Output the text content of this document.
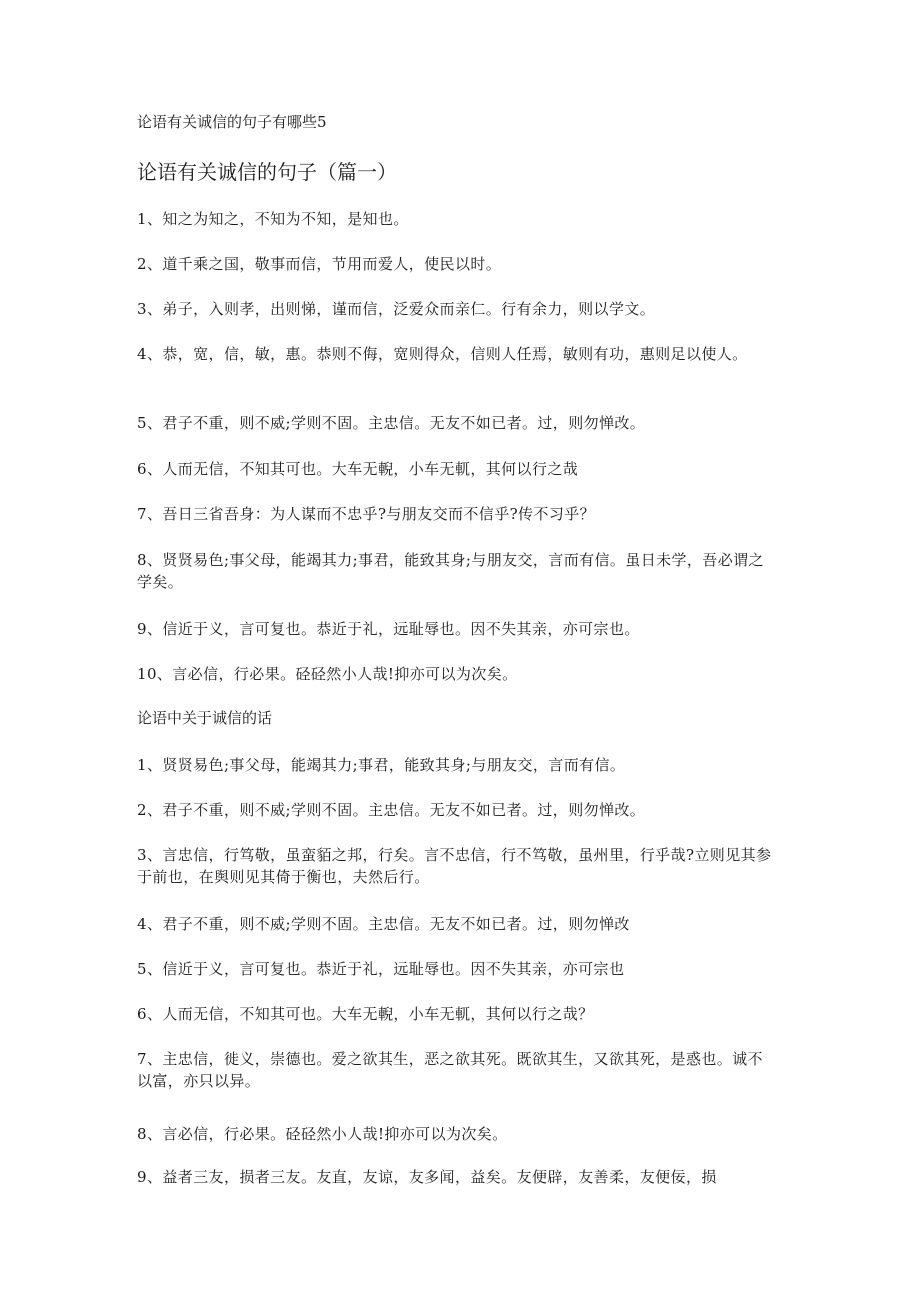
论语有关诚信的句子有哪些5
论语有关诚信的句子（篇一）
1、知之为知之，不知为不知，是知也。
2、道千乘之国，敬事而信，节用而爱人，使民以时。
3、弟子，入则孝，出则悌，谨而信，泛爱众而亲仁。行有余力，则以学文。
4、恭，宽，信，敏，惠。恭则不侮，宽则得众，信则人任焉，敏则有功，惠则足以使人。
5、君子不重，则不威;学则不固。主忠信。无友不如已者。过，则勿惮改。
6、人而无信，不知其可也。大车无輗，小车无軏，其何以行之哉
7、吾日三省吾身：为人谋而不忠乎?与朋友交而不信乎?传不习乎？
8、贤贤易色;事父母，能竭其力;事君，能致其身;与朋友交，言而有信。虽日未学，吾必谓之学矣。
9、信近于义，言可复也。恭近于礼，远耻辱也。因不失其亲，亦可宗也。
10、言必信，行必果。硁硁然小人哉!抑亦可以为次矣。
论语中关于诚信的话
1、贤贤易色;事父母，能竭其力;事君，能致其身;与朋友交，言而有信。
2、君子不重，则不威;学则不固。主忠信。无友不如已者。过，则勿惮改。
3、言忠信，行笃敬，虽蛮貊之邦，行矣。言不忠信，行不笃敬，虽州里，行乎哉?立则见其参于前也，在舆则见其倚于衡也，夫然后行。
4、君子不重，则不威;学则不固。主忠信。无友不如已者。过，则勿惮改
5、信近于义，言可复也。恭近于礼，远耻辱也。因不失其亲，亦可宗也
6、人而无信，不知其可也。大车无輗，小车无軏，其何以行之哉？
7、主忠信，徙义，崇德也。爱之欲其生，恶之欲其死。既欲其生，又欲其死，是惑也。诚不以富，亦只以异。
8、言必信，行必果。硁硁然小人哉!抑亦可以为次矣。
9、益者三友，损者三友。友直，友谅，友多闻，益矣。友便辟，友善柔，友便佞，损
